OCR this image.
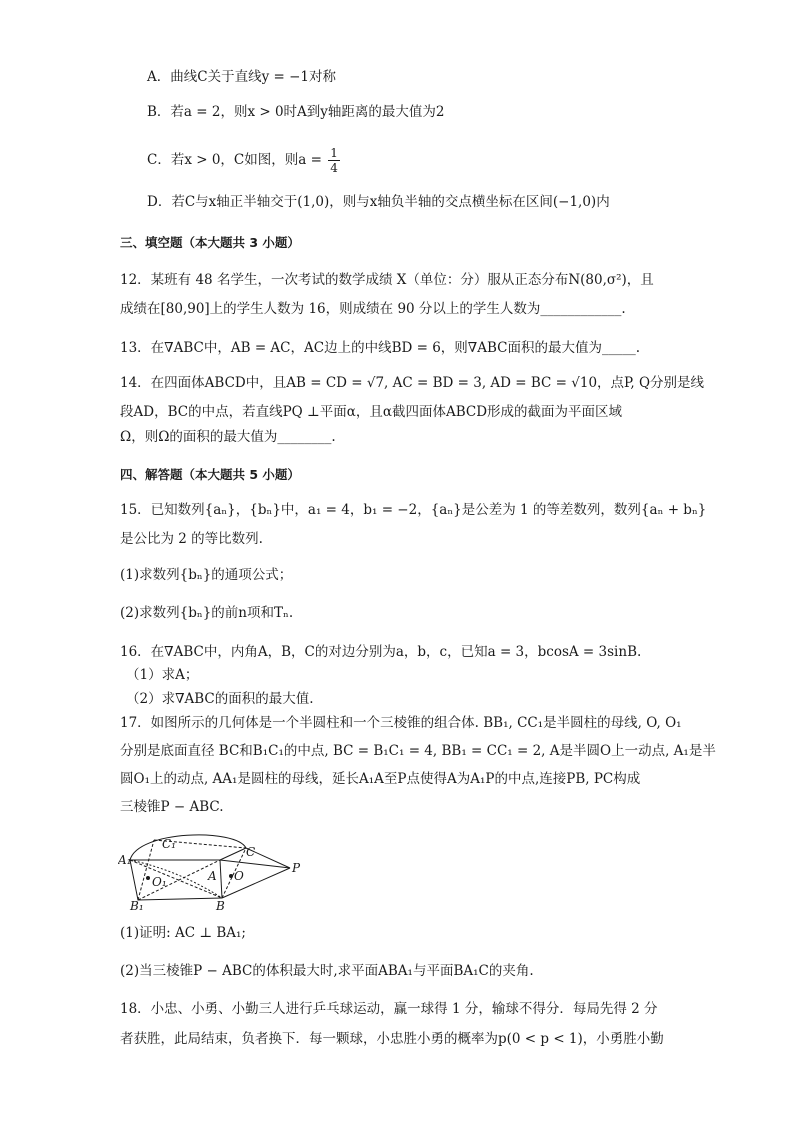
A．曲线C关于直线y = −1对称
B．若a = 2，则x > 0时A到y轴距离的最大值为2
C．若x > 0，C如图，则$a = \frac{1}{4}$
D．若C与x轴正半轴交于(1,0)，则与x轴负半轴的交点横坐标在区间(−1,0)内
三、填空题（本大题共 3 小题）
12．某班有 48 名学生，一次考试的数学成绩 X（单位：分）服从正态分布N(80,σ²)，且
成绩在[80,90]上的学生人数为 16，则成绩在 90 分以上的学生人数为____________.
13．在∇ABC中，AB = AC，AC边上的中线BD = 6，则∇ABC面积的最大值为_____.
14．在四面体ABCD中，且AB = CD = √7, AC = BD = 3, AD = BC = √10，点P, Q分别是线
段AD，BC的中点，若直线PQ ⊥平面α，且α截四面体ABCD形成的截面为平面区域
Ω，则Ω的面积的最大值为________.
四、解答题（本大题共 5 小题）
15．已知数列{aₙ}，{bₙ}中，a₁ = 4，b₁ = −2，{aₙ}是公差为 1 的等差数列，数列{aₙ + bₙ}
是公比为 2 的等比数列.
(1)求数列{bₙ}的通项公式；
(2)求数列{bₙ}的前n项和Tₙ.
16．在∇ABC中，内角A，B，C的对边分别为a，b，c，已知a = 3，bcosA = 3sinB.
（1）求A；
（2）求∇ABC的面积的最大值.
17．如图所示的几何体是一个半圆柱和一个三棱锥的组合体. BB₁, CC₁是半圆柱的母线, O, O₁
分别是底面直径 BC和B₁C₁的中点, BC = B₁C₁ = 4, BB₁ = CC₁ = 2, A是半圆O上一动点, A₁是半
圆O₁上的动点, AA₁是圆柱的母线，延长A₁A至P点使得A为A₁P的中点,连接PB, PC构成
三棱锥P − ABC.
A₁
C₁
C
O₁	A O
P
B₁	B
(1)证明: AC ⊥ BA₁;
(2)当三棱锥P − ABC的体积最大时,求平面ABA₁与平面BA₁C的夹角.
18．小忠、小勇、小勤三人进行乒乓球运动，赢一球得 1 分，输球不得分．每局先得 2 分
者获胜，此局结束，负者换下．每一颗球，小忠胜小勇的概率为p(0 < p < 1)，小勇胜小勤
